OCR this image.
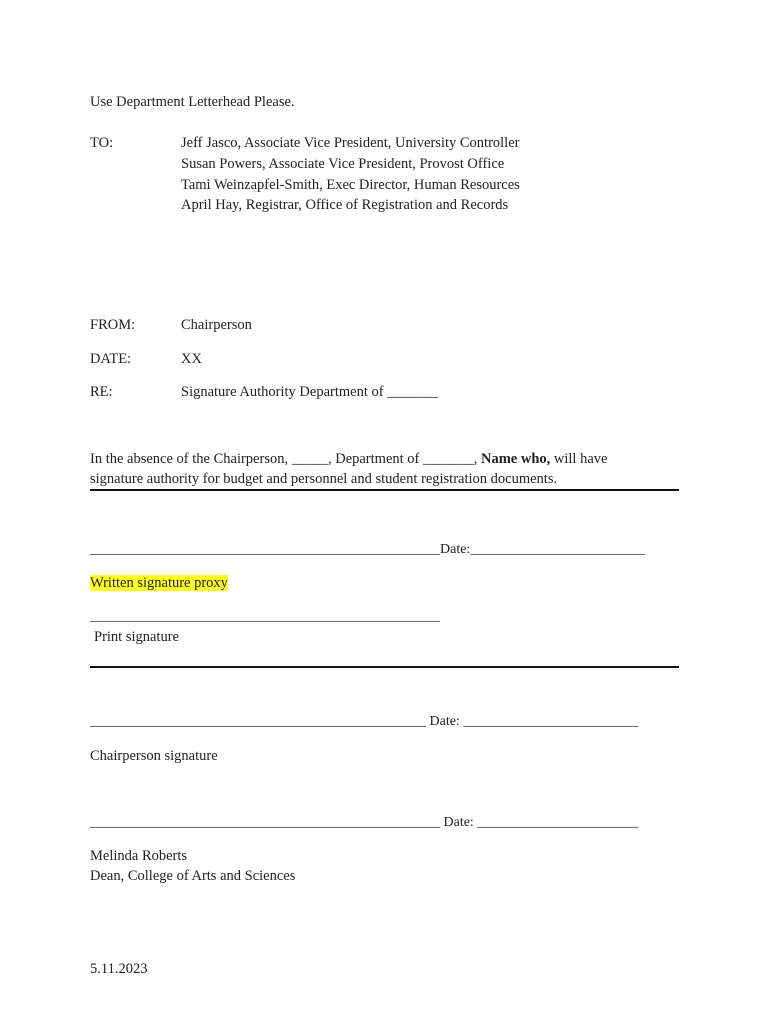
Use Department Letterhead Please.
TO:	Jeff Jasco, Associate Vice President, University Controller
Susan Powers, Associate Vice President, Provost Office
Tami Weinzapfel-Smith, Exec Director, Human Resources
April Hay, Registrar, Office of Registration and Records
FROM:	Chairperson
DATE:	XX
RE:	Signature Authority Department of _______
In the absence of the Chairperson, _____, Department of _______, Name who, will have
signature authority for budget and personnel and student registration documents.
__________________________________________________Date:_________________________
Written signature proxy
__________________________________________________
Print signature
________________________________________________ Date: _________________________
Chairperson signature
__________________________________________________ Date: _______________________
Melinda Roberts
Dean, College of Arts and Sciences
5.11.2023
